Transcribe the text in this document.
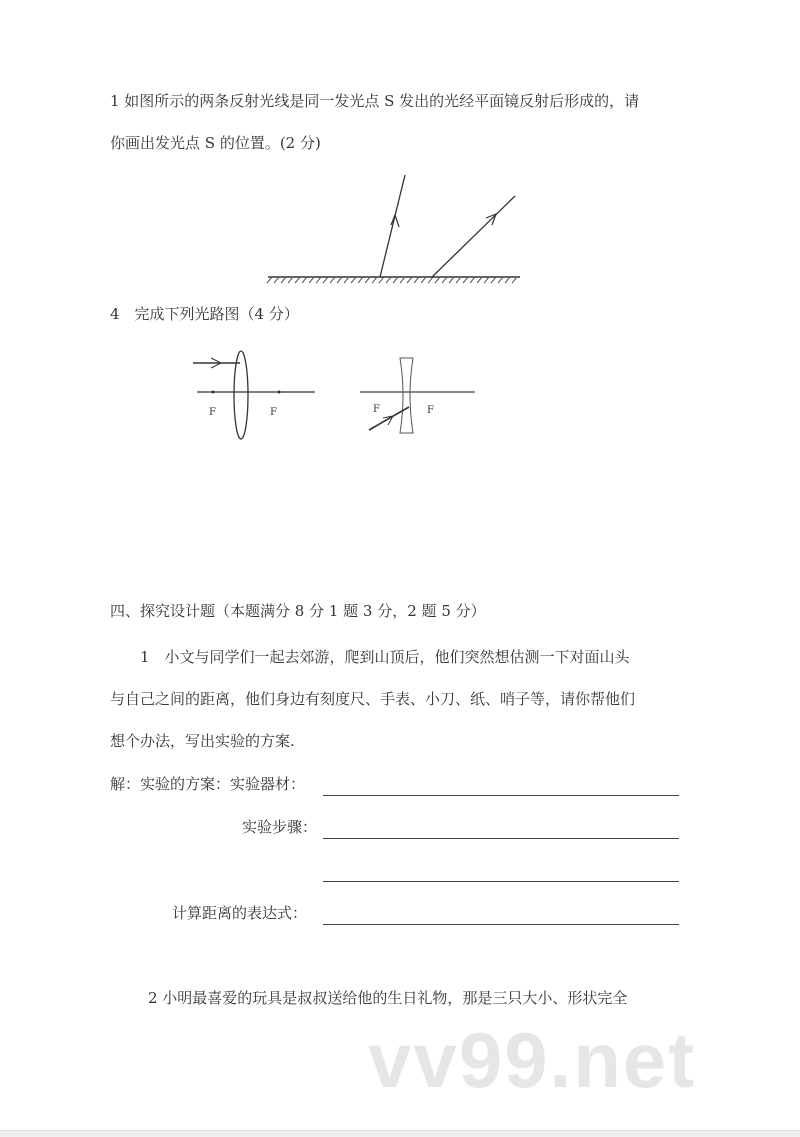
1 如图所示的两条反射光线是同一发光点 S 发出的光经平面镜反射后形成的，请
你画出发光点 S 的位置。(2 分)
4　完成下列光路图（4 分）
F	F	F	F
四、探究设计题（本题满分 8 分 1 题 3 分，2 题 5 分）
1　小文与同学们一起去郊游，爬到山顶后，他们突然想估测一下对面山头
与自己之间的距离，他们身边有刻度尺、手表、小刀、纸、哨子等，请你帮他们
想个办法，写出实验的方案.
解：实验的方案：实验器材：
实验步骤：
计算距离的表达式：
2 小明最喜爱的玩具是叔叔送给他的生日礼物，那是三只大小、形状完全
vv99.net
